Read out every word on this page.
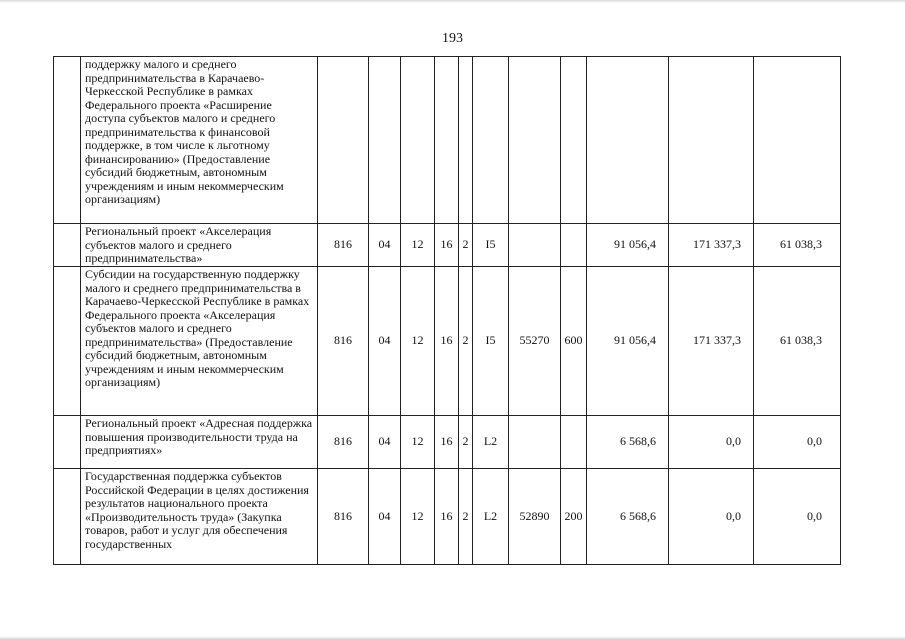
193
	поддержку малого и среднего предпринимательства в Карачаево-Черкесской Республике в рамках Федерального проекта «Расширение доступа субъектов малого и среднего предпринимательства к финансовой поддержке, в том числе к льготному финансированию» (Предоставление субсидий бюджетным, автономным учреждениям и иным некоммерческим организациям)											
	Региональный проект «Акселерация субъектов малого и среднего предпринимательства»	816	04	12	16	2	I5			91 056,4	171 337,3	61 038,3
	Субсидии на государственную поддержку малого и среднего предпринимательства в Карачаево-Черкесской Республике в рамках Федерального проекта «Акселерация субъектов малого и среднего предпринимательства» (Предоставление субсидий бюджетным, автономным учреждениям и иным некоммерческим организациям)	816	04	12	16	2	I5	55270	600	91 056,4	171 337,3	61 038,3
	Региональный проект «Адресная поддержка повышения производительности труда на предприятиях»	816	04	12	16	2	L2			6 568,6	0,0	0,0
	Государственная поддержка субъектов Российской Федерации в целях достижения результатов национального проекта «Производительность труда» (Закупка товаров, работ и услуг для обеспечения государственных	816	04	12	16	2	L2	52890	200	6 568,6	0,0	0,0
